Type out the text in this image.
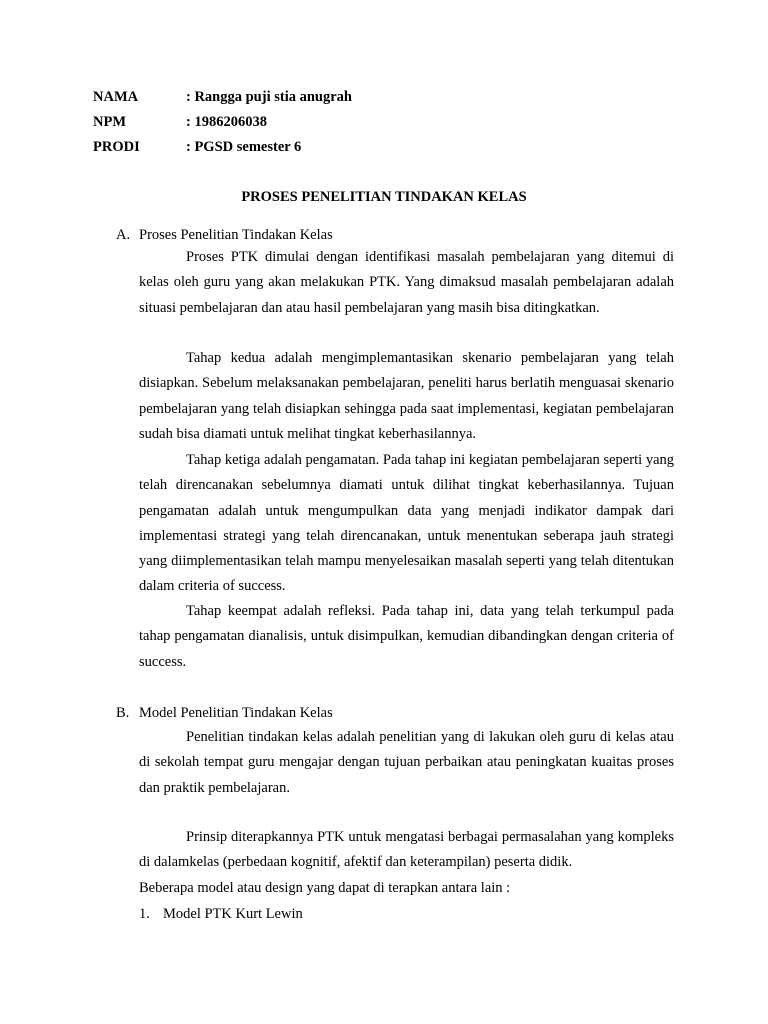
NAMA	: Rangga puji stia anugrah
NPM	: 1986206038
PRODI	: PGSD semester 6
PROSES PENELITIAN TINDAKAN KELAS
A. Proses Penelitian Tindakan Kelas

Proses PTK dimulai dengan identifikasi masalah pembelajaran yang ditemui di kelas oleh guru yang akan melakukan PTK. Yang dimaksud masalah pembelajaran adalah situasi pembelajaran dan atau hasil pembelajaran yang masih bisa ditingkatkan.

Tahap kedua adalah mengimplemantasikan skenario pembelajaran yang telah disiapkan. Sebelum melaksanakan pembelajaran, peneliti harus berlatih menguasai skenario pembelajaran yang telah disiapkan sehingga pada saat implementasi, kegiatan pembelajaran sudah bisa diamati untuk melihat tingkat keberhasilannya.

Tahap ketiga adalah pengamatan. Pada tahap ini kegiatan pembelajaran seperti yang telah direncanakan sebelumnya diamati untuk dilihat tingkat keberhasilannya. Tujuan pengamatan adalah untuk mengumpulkan data yang menjadi indikator dampak dari implementasi strategi yang telah direncanakan, untuk menentukan seberapa jauh strategi yang diimplementasikan telah mampu menyelesaikan masalah seperti yang telah ditentukan dalam criteria of success.

Tahap keempat adalah refleksi. Pada tahap ini, data yang telah terkumpul pada tahap pengamatan dianalisis, untuk disimpulkan, kemudian dibandingkan dengan criteria of success.

B. Model Penelitian Tindakan Kelas

Penelitian tindakan kelas adalah penelitian yang di lakukan oleh guru di kelas atau di sekolah tempat guru mengajar dengan tujuan perbaikan atau peningkatan kuaitas proses dan praktik pembelajaran.

Prinsip diterapkannya PTK untuk mengatasi berbagai permasalahan yang kompleks di dalamkelas (perbedaan kognitif, afektif dan keterampilan) peserta didik.

Beberapa model atau design yang dapat di terapkan antara lain :

1. Model PTK Kurt Lewin
